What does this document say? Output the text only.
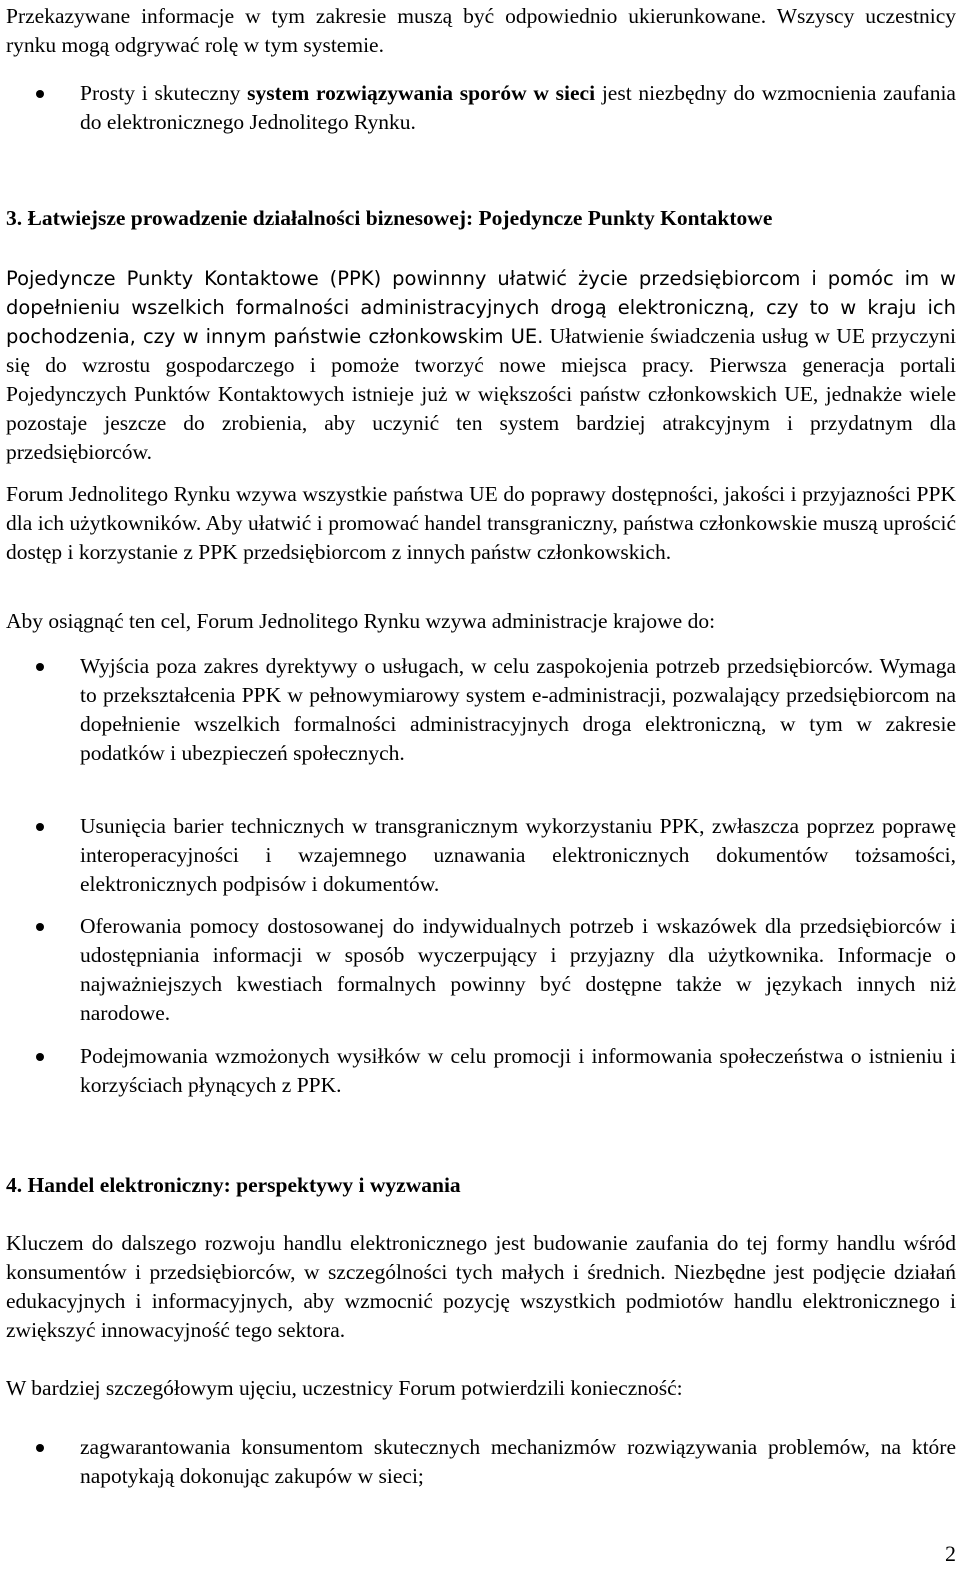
Przekazywane informacje w tym zakresie muszą być odpowiednio ukierunkowane. Wszyscy uczestnicy rynku mogą odgrywać rolę w tym systemie.

Prosty i skuteczny system rozwiązywania sporów w sieci jest niezbędny do wzmocnienia zaufania do elektronicznego Jednolitego Rynku.
3. Łatwiejsze prowadzenie działalności biznesowej: Pojedyncze Punkty Kontaktowe

Pojedyncze Punkty Kontaktowe (PPK) powinnny ułatwić życie przedsiębiorcom i pomóc im w dopełnieniu wszelkich formalności administracyjnych drogą elektroniczną, czy to w kraju ich pochodzenia, czy w innym państwie członkowskim UE. Ułatwienie świadczenia usług w UE przyczyni się do wzrostu gospodarczego i pomoże tworzyć nowe miejsca pracy. Pierwsza generacja portali Pojedynczych Punktów Kontaktowych istnieje już w większości państw członkowskich UE, jednakże wiele pozostaje jeszcze do zrobienia, aby uczynić ten system bardziej atrakcyjnym i przydatnym dla przedsiębiorców.

Forum Jednolitego Rynku wzywa wszystkie państwa UE do poprawy dostępności, jakości i przyjazności PPK dla ich użytkowników. Aby ułatwić i promować handel transgraniczny, państwa członkowskie muszą uprościć dostęp i korzystanie z PPK przedsiębiorcom z innych państw członkowskich.

Aby osiągnąć ten cel, Forum Jednolitego Rynku wzywa administracje krajowe do:

Wyjścia poza zakres dyrektywy o usługach, w celu zaspokojenia potrzeb przedsiębiorców. Wymaga to przekształcenia PPK w pełnowymiarowy system e-administracji, pozwalający przedsiębiorcom na dopełnienie wszelkich formalności administracyjnych droga elektroniczną, w tym w zakresie podatków i ubezpieczeń społecznych.
Usunięcia barier technicznych w transgranicznym wykorzystaniu PPK, zwłaszcza poprzez poprawę interoperacyjności i wzajemnego uznawania elektronicznych dokumentów tożsamości, elektronicznych podpisów i dokumentów.
Oferowania pomocy dostosowanej do indywidualnych potrzeb i wskazówek dla przedsiębiorców i udostępniania informacji w sposób wyczerpujący i przyjazny dla użytkownika. Informacje o najważniejszych kwestiach formalnych powinny być dostępne także w językach innych niż narodowe.
Podejmowania wzmożonych wysiłków w celu promocji i informowania społeczeństwa o istnieniu i korzyściach płynących z PPK.
4. Handel elektroniczny: perspektywy i wyzwania

Kluczem do dalszego rozwoju handlu elektronicznego jest budowanie zaufania do tej formy handlu wśród konsumentów i przedsiębiorców, w szczególności tych małych i średnich. Niezbędne jest podjęcie działań edukacyjnych i informacyjnych, aby wzmocnić pozycję wszystkich podmiotów handlu elektronicznego i zwiększyć innowacyjność tego sektora.

W bardziej szczegółowym ujęciu, uczestnicy Forum potwierdzili konieczność:

zagwarantowania konsumentom skutecznych mechanizmów rozwiązywania problemów, na które napotykają dokonując zakupów w sieci;
2
